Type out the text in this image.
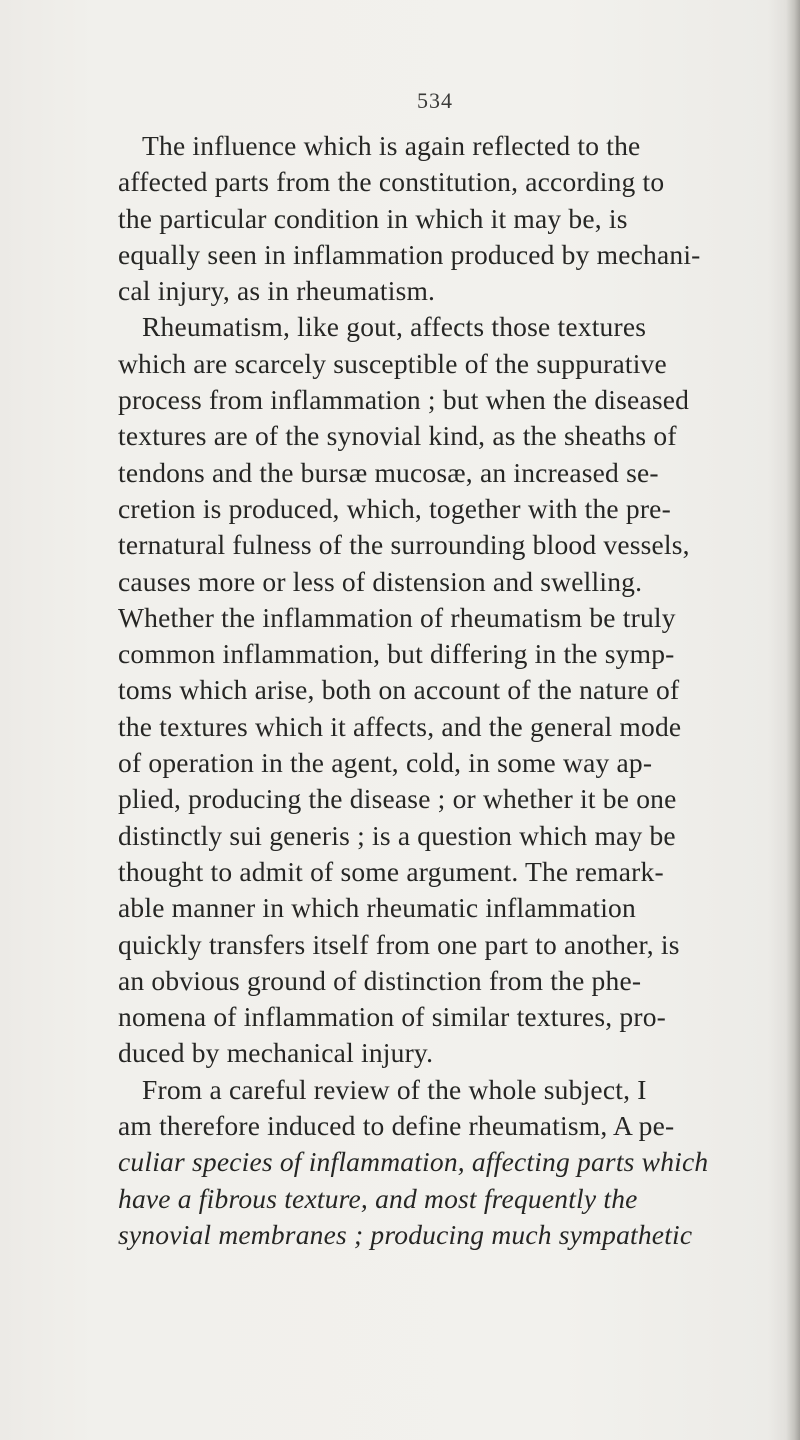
534
The influence which is again reflected to the
affected parts from the constitution, according to
the particular condition in which it may be, is
equally seen in inflammation produced by mechani-
cal injury, as in rheumatism.
Rheumatism, like gout, affects those textures
which are scarcely susceptible of the suppurative
process from inflammation ; but when the diseased
textures are of the synovial kind, as the sheaths of
tendons and the bursæ mucosæ, an increased se-
cretion is produced, which, together with the pre-
ternatural fulness of the surrounding blood vessels,
causes more or less of distension and swelling.
Whether the inflammation of rheumatism be truly
common inflammation, but differing in the symp-
toms which arise, both on account of the nature of
the textures which it affects, and the general mode
of operation in the agent, cold, in some way ap-
plied, producing the disease ; or whether it be one
distinctly sui generis ; is a question which may be
thought to admit of some argument. The remark-
able manner in which rheumatic inflammation
quickly transfers itself from one part to another, is
an obvious ground of distinction from the phe-
nomena of inflammation of similar textures, pro-
duced by mechanical injury.
From a careful review of the whole subject, I
am therefore induced to define rheumatism, A pe-
culiar species of inflammation, affecting parts which
have a fibrous texture, and most frequently the
synovial membranes ; producing much sympathetic
